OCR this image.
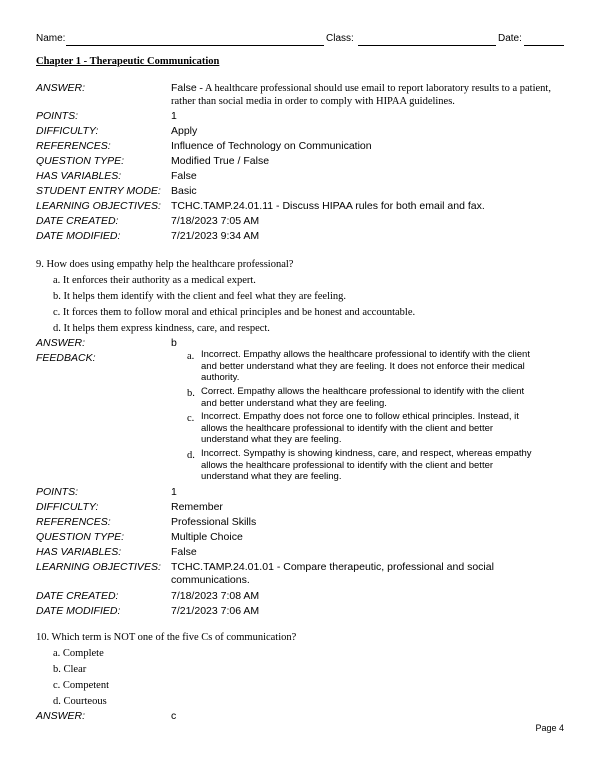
Name:	Class:	Date:
Chapter 1 - Therapeutic Communication
ANSWER:	False - A healthcare professional should use email to report laboratory results to a patient, rather than social media in order to comply with HIPAA guidelines.
POINTS:	1
DIFFICULTY:	Apply
REFERENCES:	Influence of Technology on Communication
QUESTION TYPE:	Modified True / False
HAS VARIABLES:	False
STUDENT ENTRY MODE: Basic
LEARNING OBJECTIVES: TCHC.TAMP.24.01.11 - Discuss HIPAA rules for both email and fax.
DATE CREATED:	7/18/2023 7:05 AM
DATE MODIFIED:	7/21/2023 9:34 AM
9. How does using empathy help the healthcare professional?
a. It enforces their authority as a medical expert.
b. It helps them identify with the client and feel what they are feeling.
c. It forces them to follow moral and ethical principles and be honest and accountable.
d. It helps them express kindness, care, and respect.
ANSWER:	b
FEEDBACK:	a. Incorrect. Empathy allows the healthcare professional to identify with the client and better understand what they are feeling. It does not enforce their medical authority.
b. Correct. Empathy allows the healthcare professional to identify with the client and better understand what they are feeling.
c. Incorrect. Empathy does not force one to follow ethical principles. Instead, it allows the healthcare professional to identify with the client and better understand what they are feeling.
d. Incorrect. Sympathy is showing kindness, care, and respect, whereas empathy allows the healthcare professional to identify with the client and better understand what they are feeling.
POINTS:	1
DIFFICULTY:	Remember
REFERENCES:	Professional Skills
QUESTION TYPE:	Multiple Choice
HAS VARIABLES:	False
LEARNING OBJECTIVES: TCHC.TAMP.24.01.01 - Compare therapeutic, professional and social communications.
DATE CREATED:	7/18/2023 7:08 AM
DATE MODIFIED:	7/21/2023 7:06 AM
10. Which term is NOT one of the five Cs of communication?
a. Complete
b. Clear
c. Competent
d. Courteous
ANSWER:	c
Page 4
